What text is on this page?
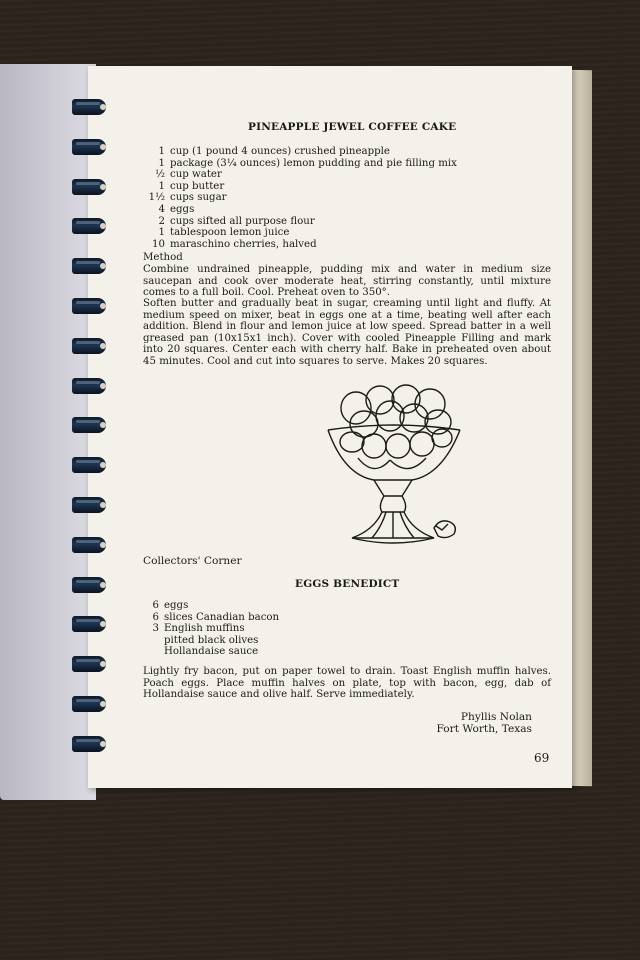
PINEAPPLE JEWEL COFFEE CAKE
1 cup (1 pound 4 ounces) crushed pineapple
1 package (3¼ ounces) lemon pudding and pie filling mix
½ cup water
1 cup butter
1½ cups sugar
4 eggs
2 cups sifted all purpose flour
1 tablespoon lemon juice
10 maraschino cherries, halved
Method

Combine undrained pineapple, pudding mix and water in medium size saucepan and cook over moderate heat, stirring constantly, until mixture comes to a full boil. Cool. Preheat oven to 350°.

Soften butter and gradually beat in sugar, creaming until light and fluffy. At medium speed on mixer, beat in eggs one at a time, beating well after each addition. Blend in flour and lemon juice at low speed. Spread batter in a well greased pan (10x15x1 inch). Cover with cooled Pineapple Filling and mark into 20 squares. Center each with cherry half. Bake in preheated oven about 45 minutes. Cool and cut into squares to serve. Makes 20 squares.

Collectors' Corner
EGGS BENEDICT
6 eggs
6 slices Canadian bacon
3 English muffins
pitted black olives
Hollandaise sauce

Lightly fry bacon, put on paper towel to drain. Toast English muffin halves. Poach eggs. Place muffin halves on plate, top with bacon, egg, dab of Hollandaise sauce and olive half. Serve immediately.

Phyllis Nolan
Fort Worth, Texas
69
